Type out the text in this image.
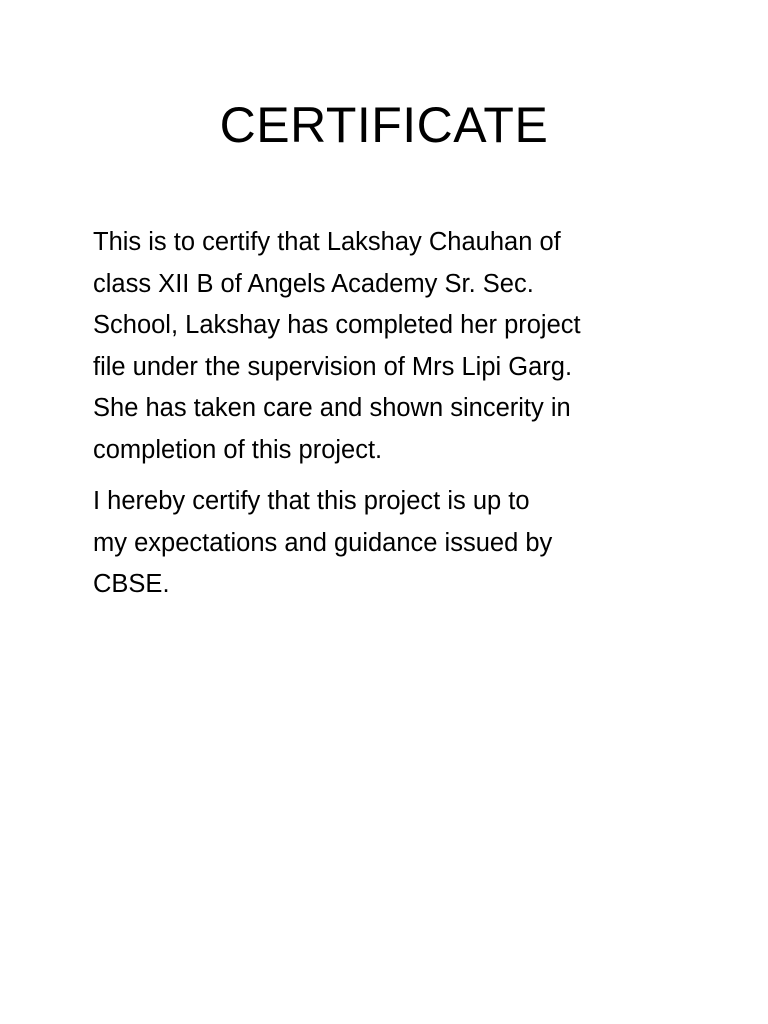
CERTIFICATE

This is to certify that Lakshay Chauhan of
class XII B of Angels Academy Sr. Sec.
School, Lakshay has completed her project
file under the supervision of Mrs Lipi Garg.
She has taken care and shown sincerity in
completion of this project.

I hereby certify that this project is up to
my expectations and guidance issued by
CBSE.
